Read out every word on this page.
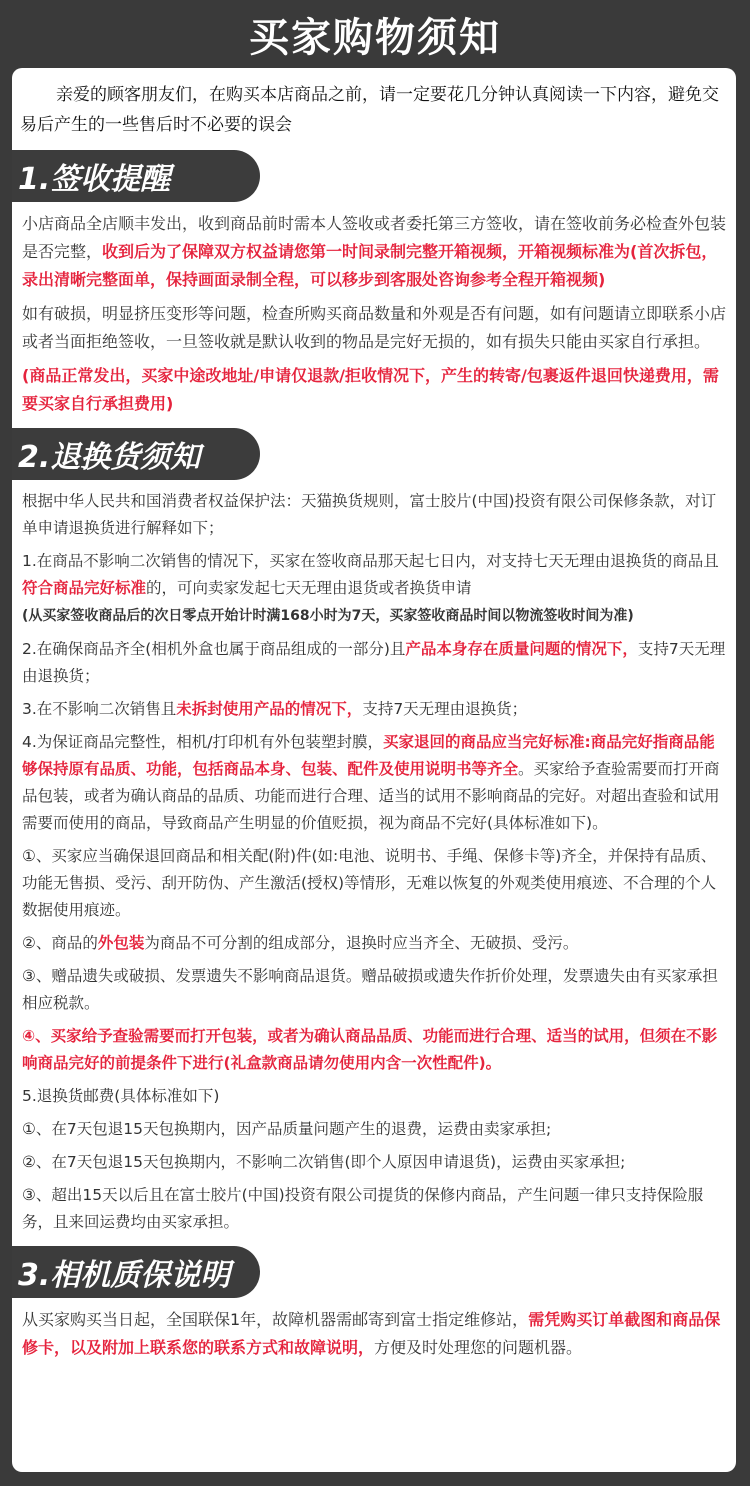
买家购物须知
亲爱的顾客朋友们，在购买本店商品之前，请一定要花几分钟认真阅读一下内容，避免交易后产生的一些售后时不必要的误会
1.签收提醒

小店商品全店顺丰发出，收到商品前时需本人签收或者委托第三方签收，请在签收前务必检查外包装是否完整，收到后为了保障双方权益请您第一时间录制完整开箱视频，开箱视频标准为(首次拆包，录出清晰完整面单，保持画面录制全程，可以移步到客服处咨询参考全程开箱视频)

如有破损，明显挤压变形等问题，检查所购买商品数量和外观是否有问题，如有问题请立即联系小店或者当面拒绝签收，一旦签收就是默认收到的物品是完好无损的，如有损失只能由买家自行承担。

(商品正常发出，买家中途改地址/申请仅退款/拒收情况下，产生的转寄/包裹返件退回快递费用，需要买家自行承担费用)

2.退换货须知

根据中华人民共和国消费者权益保护法：天猫换货规则，富士胶片(中国)投资有限公司保修条款，对订单申请退换货进行解释如下；

1.在商品不影响二次销售的情况下，买家在签收商品那天起七日内，对支持七天无理由退换货的商品且符合商品完好标准的，可向卖家发起七天无理由退货或者换货申请
(从买家签收商品后的次日零点开始计时满168小时为7天，买家签收商品时间以物流签收时间为准)

2.在确保商品齐全(相机外盒也属于商品组成的一部分)且产品本身存在质量问题的情况下，支持7天无理由退换货；

3.在不影响二次销售且未拆封使用产品的情况下，支持7天无理由退换货；

4.为保证商品完整性，相机/打印机有外包装塑封膜，买家退回的商品应当完好标准:商品完好指商品能够保持原有品质、功能，包括商品本身、包装、配件及使用说明书等齐全。买家给予查验需要而打开商品包装，或者为确认商品的品质、功能而进行合理、适当的试用不影响商品的完好。对超出查验和试用需要而使用的商品，导致商品产生明显的价值贬损，视为商品不完好(具体标准如下)。

①、买家应当确保退回商品和相关配(附)件(如:电池、说明书、手绳、保修卡等)齐全，并保持有品质、功能无售损、受污、刮开防伪、产生激活(授权)等情形，无难以恢复的外观类使用痕迹、不合理的个人数据使用痕迹。

②、商品的外包装为商品不可分割的组成部分，退换时应当齐全、无破损、受污。

③、赠品遗失或破损、发票遗失不影响商品退货。赠品破损或遗失作折价处理，发票遗失由有买家承担相应税款。

④、买家给予查验需要而打开包装，或者为确认商品品质、功能而进行合理、适当的试用，但须在不影响商品完好的前提条件下进行(礼盒款商品请勿使用内含一次性配件)。

5.退换货邮费(具体标准如下)

①、在7天包退15天包换期内，因产品质量问题产生的退费，运费由卖家承担;

②、在7天包退15天包换期内，不影响二次销售(即个人原因申请退货)，运费由买家承担;

③、超出15天以后且在富士胶片(中国)投资有限公司提货的保修内商品，产生问题一律只支持保险服务，且来回运费均由买家承担。

3.相机质保说明

从买家购买当日起，全国联保1年，故障机器需邮寄到富士指定维修站，需凭购买订单截图和商品保修卡，以及附加上联系您的联系方式和故障说明，方便及时处理您的问题机器。
